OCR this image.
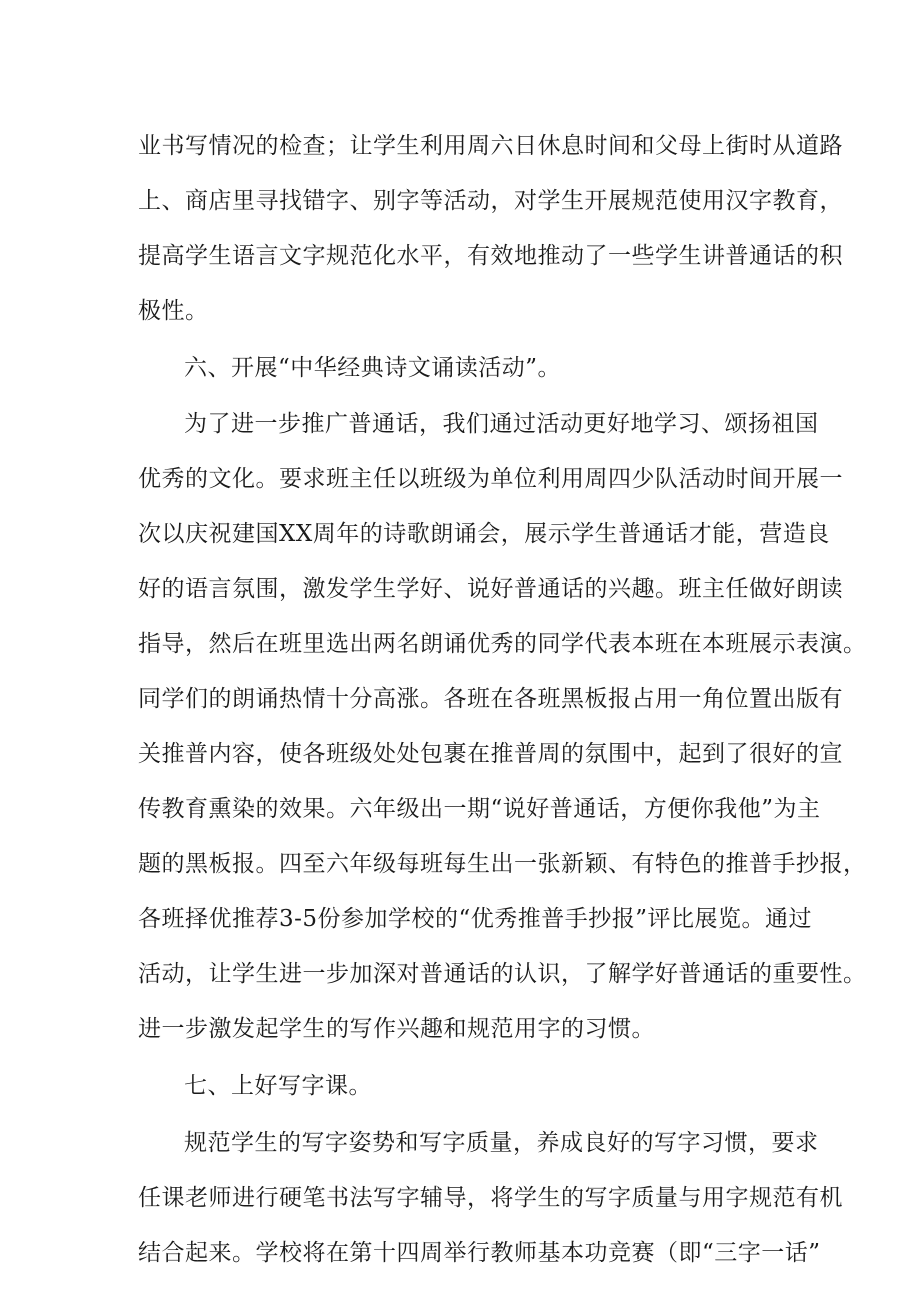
业书写情况的检查；让学生利用周六日休息时间和父母上街时从道路
上、商店里寻找错字、别字等活动，对学生开展规范使用汉字教育，
提高学生语言文字规范化水平，有效地推动了一些学生讲普通话的积
极性。
六、开展“中华经典诗文诵读活动”。
为了进一步推广普通话，我们通过活动更好地学习、颂扬祖国
优秀的文化。要求班主任以班级为单位利用周四少队活动时间开展一
次以庆祝建国XX周年的诗歌朗诵会，展示学生普通话才能，营造良
好的语言氛围，激发学生学好、说好普通话的兴趣。班主任做好朗读
指导，然后在班里选出两名朗诵优秀的同学代表本班在本班展示表演。
同学们的朗诵热情十分高涨。各班在各班黑板报占用一角位置出版有
关推普内容，使各班级处处包裹在推普周的氛围中，起到了很好的宣
传教育熏染的效果。六年级出一期“说好普通话，方便你我他”为主
题的黑板报。四至六年级每班每生出一张新颖、有特色的推普手抄报，
各班择优推荐3-5份参加学校的“优秀推普手抄报”评比展览。通过
活动，让学生进一步加深对普通话的认识，了解学好普通话的重要性。
进一步激发起学生的写作兴趣和规范用字的习惯。
七、上好写字课。
规范学生的写字姿势和写字质量，养成良好的写字习惯，要求
任课老师进行硬笔书法写字辅导，将学生的写字质量与用字规范有机
结合起来。学校将在第十四周举行教师基本功竞赛（即“三字一话”
